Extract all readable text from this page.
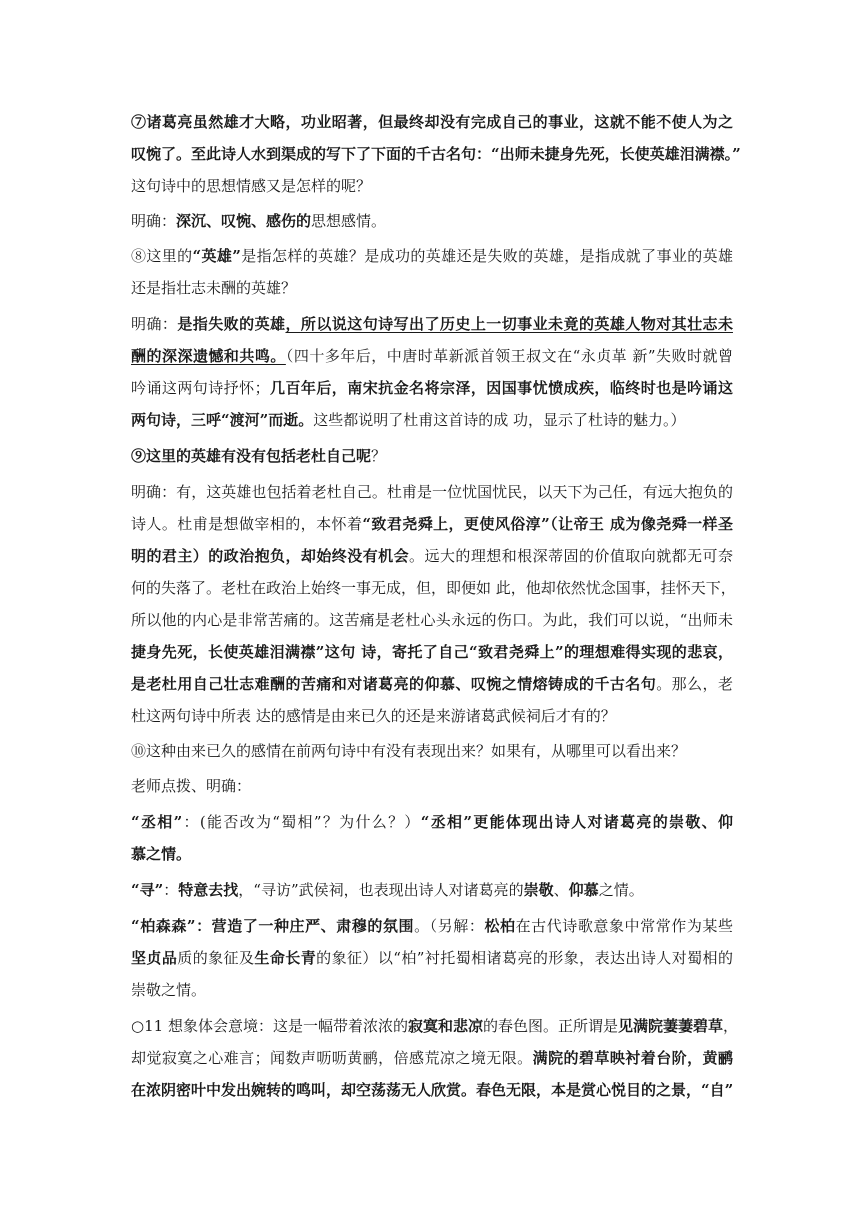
⑦诸葛亮虽然雄才大略，功业昭著，但最终却没有完成自己的事业，这就不能不使人为之
叹惋了。至此诗人水到渠成的写下了下面的千古名句：“出师未捷身先死，长使英雄泪满襟。”
这句诗中的思想情感又是怎样的呢？
明确：深沉、叹惋、感伤的思想感情。
⑧这里的“英雄”是指怎样的英雄？是成功的英雄还是失败的英雄，是指成就了事业的英雄
还是指壮志未酬的英雄？
明确：是指失败的英雄，所以说这句诗写出了历史上一切事业未竟的英雄人物对其壮志未
酬的深深遗憾和共鸣。（四十多年后，中唐时革新派首领王叔文在“永贞革 新”失败时就曾
吟诵这两句诗抒怀；几百年后，南宋抗金名将宗泽，因国事忧愤成疾，临终时也是吟诵这
两句诗，三呼“渡河”而逝。这些都说明了杜甫这首诗的成 功，显示了杜诗的魅力。）
⑨这里的英雄有没有包括老杜自己呢？
明确：有，这英雄也包括着老杜自己。杜甫是一位忧国忧民，以天下为己任，有远大抱负的
诗人。杜甫是想做宰相的，本怀着“致君尧舜上，更使风俗淳”（让帝王 成为像尧舜一样圣
明的君主）的政治抱负，却始终没有机会。远大的理想和根深蒂固的价值取向就都无可奈
何的失落了。老杜在政治上始终一事无成，但，即便如 此，他却依然忧念国事，挂怀天下，
所以他的内心是非常苦痛的。这苦痛是老杜心头永远的伤口。为此，我们可以说，“出师未
捷身先死，长使英雄泪满襟”这句 诗，寄托了自己“致君尧舜上”的理想难得实现的悲哀，
是老杜用自己壮志难酬的苦痛和对诸葛亮的仰慕、叹惋之情熔铸成的千古名句。那么，老
杜这两句诗中所表 达的感情是由来已久的还是来游诸葛武候祠后才有的？
⑩这种由来已久的感情在前两句诗中有没有表现出来？如果有，从哪里可以看出来？
老师点拨、明确：
“丞相”：(能否改为“蜀相”？为什么？）“丞相”更能体现出诗人对诸葛亮的崇敬、仰
慕之情。
“寻”：特意去找，“寻访”武侯祠，也表现出诗人对诸葛亮的崇敬、仰慕之情。
“柏森森”：营造了一种庄严、肃穆的氛围。（另解：松柏在古代诗歌意象中常常作为某些
坚贞品质的象征及生命长青的象征）以“柏”衬托蜀相诸葛亮的形象，表达出诗人对蜀相的
崇敬之情。
○11 想象体会意境：这是一幅带着浓浓的寂寞和悲凉的春色图。正所谓是见满院萋萋碧草，
却觉寂寞之心难言；闻数声呖呖黄鹂，倍感荒凉之境无限。满院的碧草映衬着台阶，黄鹂
在浓阴密叶中发出婉转的鸣叫，却空荡荡无人欣赏。春色无限，本是赏心悦目的之景，“自”
